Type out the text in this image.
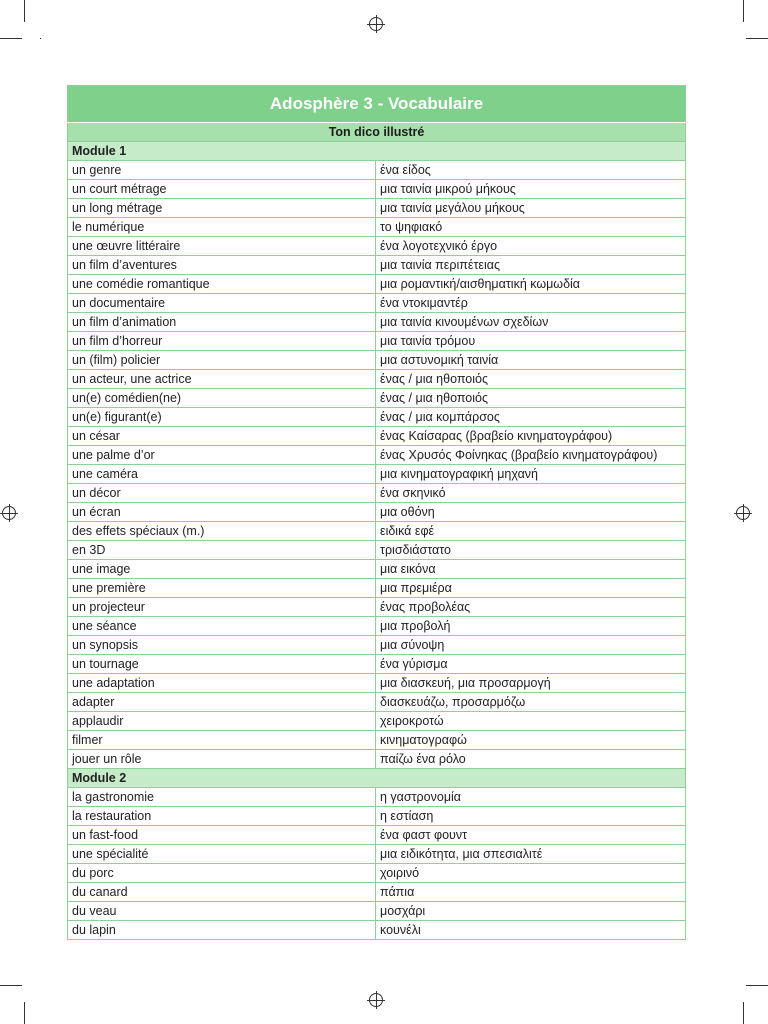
Adosphère 3 - Vocabulaire	
Ton dico illustré	
Module 1	
un genre	ένα είδος
un court métrage	μια ταινία μικρού μήκους
un long métrage	μια ταινία μεγάλου μήκους
le numérique	το ψηφιακό
une œuvre littéraire	ένα λογοτεχνικό έργο
un film d’aventures	μια ταινία περιπέτειας
une comédie romantique	μια ρομαντική/αισθηματική κωμωδία
un documentaire	ένα ντοκιμαντέρ
un film d’animation	μια ταινία κινουμένων σχεδίων
un film d’horreur	μια ταινία τρόμου
un (film) policier	μια αστυνομική ταινία
un acteur, une actrice	ένας / μια ηθοποιός
un(e) comédien(ne)	ένας / μια ηθοποιός
un(e) figurant(e)	ένας / μια κομπάρσος
un césar	ένας Καίσαρας (βραβείο κινηματογράφου)
une palme d’or	ένας Χρυσός Φοίνηκας (βραβείο κινηματογράφου)
une caméra	μια κινηματογραφική μηχανή
un décor	ένα σκηνικό
un écran	μια οθόνη
des effets spéciaux (m.)	ειδικά εφέ
en 3D	τρισδιάστατο
une image	μια εικόνα
une première	μια πρεμιέρα
un projecteur	ένας προβολέας
une séance	μια προβολή
un synopsis	μια σύνοψη
un tournage	ένα γύρισμα
une adaptation	μια διασκευή, μια προσαρμογή
adapter	διασκευάζω, προσαρμόζω
applaudir	χειροκροτώ
filmer	κινηματογραφώ
jouer un rôle	παίζω ένα ρόλο
Module 2	
la gastronomie	η γαστρονομία
la restauration	η εστίαση
un fast-food	ένα φαστ φουντ
une spécialité	μια ειδικότητα, μια σπεσιαλιτέ
du porc	χοιρινό
du canard	πάπια
du veau	μοσχάρι
du lapin	κουνέλι
